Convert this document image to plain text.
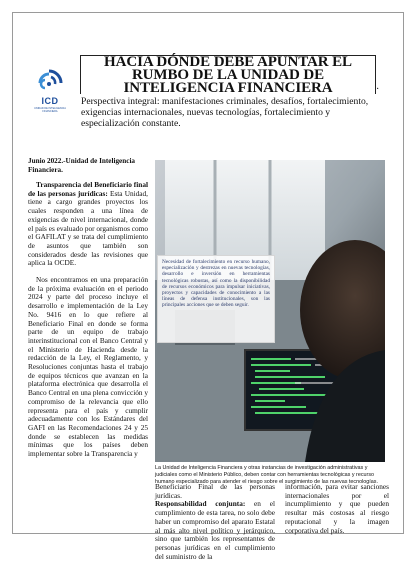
ICD
UNIDAD DE INTELIGENCIA FINANCIERA
HACIA DÓNDE DEBE APUNTAR EL RUMBO DE LA UNIDAD DE INTELIGENCIA FINANCIERA	·
Perspectiva integral: manifestaciones criminales, desafíos, fortalecimiento, exigencias internacionales, nuevas tecnologías, fortalecimiento y especialización constante.
Junio 2022.-Unidad de Inteligencia Financiera.

Transparencia del Beneficiario final de las personas jurídicas: Esta Unidad, tiene a cargo grandes proyectos los cuales responden a una línea de exigencias de nivel internacional, donde el país es evaluado por organismos como el GAFILAT y se trata del cumplimiento de asuntos que también son considerados desde las revisiones que aplica la OCDE.

Nos encontramos en una preparación de la próxima evaluación en el periodo 2024 y parte del proceso incluye el desarrollo e implementación de la Ley No. 9416 en lo que refiere al Beneficiario Final en donde se forma parte de un equipo de trabajo interinstitucional con el Banco Central y el Ministerio de Hacienda desde la redacción de la Ley, el Reglamento, y Resoluciones conjuntas hasta el trabajo de equipos técnicos que avanzan en la plataforma electrónica que desarrolla el Banco Central en una plena convicción y compromiso de la relevancia que ello representa para el país y cumplir adecuadamente con los Estándares del GAFI en las Recomendaciones 24 y 25 donde se establecen las medidas mínimas que los países deben implementar sobre la Transparencia y

Necesidad de fortalecimiento en recurso humano, especialización y destrezas en nuevas tecnologías, desarrollo e inversión en herramientas tecnológicas robustas, así como la disponibilidad de recursos económicos para impulsar iniciativas, proyectos y capacidades de conocimiento a las líneas de defensa institucionales, son las principales acciones que se deben seguir.
La Unidad de Inteligencia Financiera y otras instancias de investigación administrativas y judiciales como el Ministerio Público, deben contar con herramientas tecnológicas y recurso humano especializado para atender el riesgo sobre el surgimiento de las nuevas tecnologías.

Beneficiario Final de las personas jurídicas.

Responsabilidad conjunta: en el cumplimiento de esta tarea, no solo debe haber un compromiso del aparato Estatal al más alto nivel político y jerárquico, sino que también los representantes de personas jurídicas en el cumplimiento del suministro de la

información, para evitar sanciones internacionales por el incumplimiento y que pueden resultar más costosas al riesgo reputacional y la imagen corporativa del país.
